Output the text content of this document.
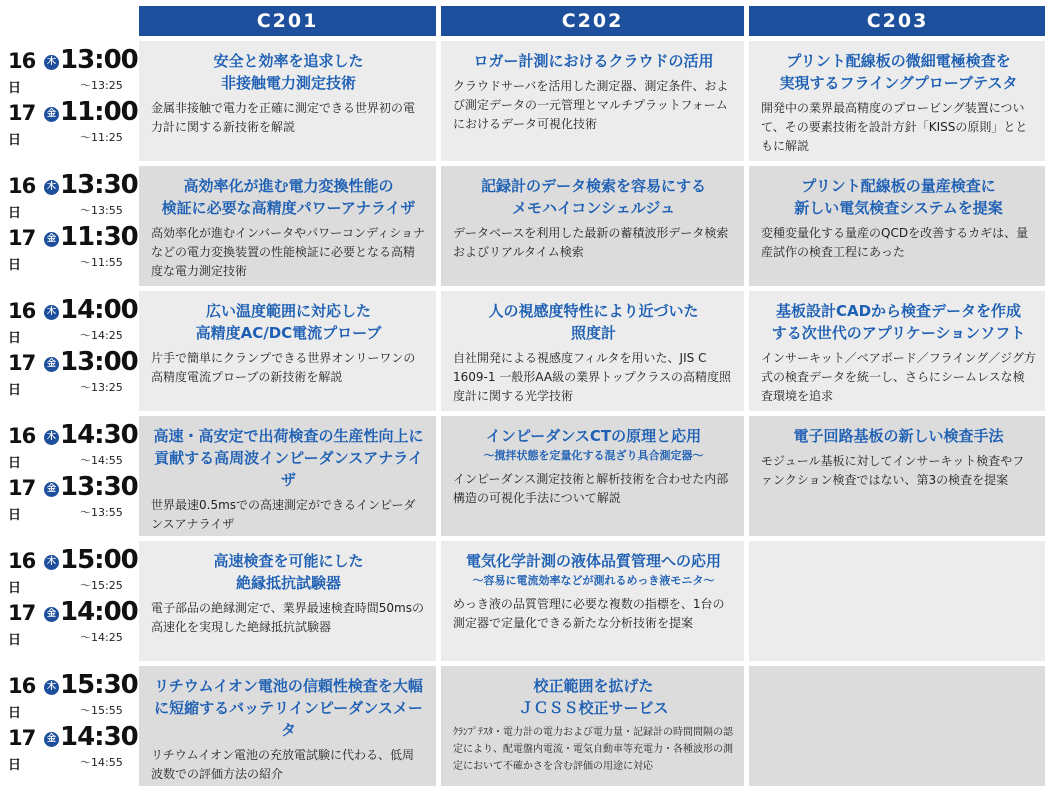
C201	C202	C203
16日
木 13:00
～13:25
17日
金 11:00
～11:25
安全と効率を追求した
非接触電力測定技術
金属非接触で電力を正確に測定できる世界初の電力計に関する新技術を解説
ロガー計測におけるクラウドの活用
クラウドサーバを活用した測定器、測定条件、および測定データの一元管理とマルチプラットフォームにおけるデータ可視化技術
プリント配線板の微細電極検査を
実現するフライングプローブテスタ
開発中の業界最高精度のプロービング装置について、その要素技術を設計方針「KISSの原則」とともに解説
16日
木 13:30
～13:55
17日
金 11:30
～11:55
高効率化が進む電力変換性能の
検証に必要な高精度パワーアナライザ
高効率化が進むインバータやパワーコンディショナなどの電力変換装置の性能検証に必要となる高精度な電力測定技術
記録計のデータ検索を容易にする
メモハイコンシェルジュ
データベースを利用した最新の蓄積波形データ検索およびリアルタイム検索
プリント配線板の量産検査に
新しい電気検査システムを提案
変種変量化する量産のQCDを改善するカギは、量産試作の検査工程にあった
16日
木 14:00
～14:25
17日
金 13:00
～13:25
広い温度範囲に対応した
高精度AC/DC電流プローブ
片手で簡単にクランプできる世界オンリーワンの高精度電流プローブの新技術を解説
人の視感度特性により近づいた
照度計
自社開発による視感度フィルタを用いた、JIS C 1609-1 一般形AA級の業界トップクラスの高精度照度計に関する光学技術
基板設計CADから検査データを作成
する次世代のアプリケーションソフト
インサーキット／ベアボード／フライング／ジグ方式の検査データを統一し、さらにシームレスな検査環境を追求
16日
木 14:30
～14:55
17日
金 13:30
～13:55
高速・高安定で出荷検査の生産性向上に
貢献する高周波インピーダンスアナライザ
世界最速0.5msでの高速測定ができるインピーダンスアナライザ
インピーダンスCTの原理と応用
～撹拌状態を定量化する混ざり具合測定器～
インピーダンス測定技術と解析技術を合わせた内部構造の可視化手法について解説
電子回路基板の新しい検査手法
モジュール基板に対してインサーキット検査やファンクション検査ではない、第3の検査を提案
16日
木 15:00
～15:25
17日
金 14:00
～14:25
高速検査を可能にした
絶縁抵抗試験器
電子部品の絶縁測定で、業界最速検査時間50msの高速化を実現した絶縁抵抗試験器
電気化学計測の液体品質管理への応用
～容易に電流効率などが測れるめっき液モニタ～
めっき液の品質管理に必要な複数の指標を、1台の測定器で定量化できる新たな分析技術を提案
16日
木 15:30
～15:55
17日
金 14:30
～14:55
リチウムイオン電池の信頼性検査を大幅
に短縮するバッテリインピーダンスメータ
リチウムイオン電池の充放電試験に代わる、低周波数での評価方法の紹介
校正範囲を拡げた
ＪＣＳＳ校正サービス
ｸﾗﾝﾌﾟﾃｽﾀ・電力計の電力および電力量・記録計の時間間隔の認定により、配電盤内電流・電気自動車等充電力・各種波形の測定において不確かさを含む評価の用途に対応
